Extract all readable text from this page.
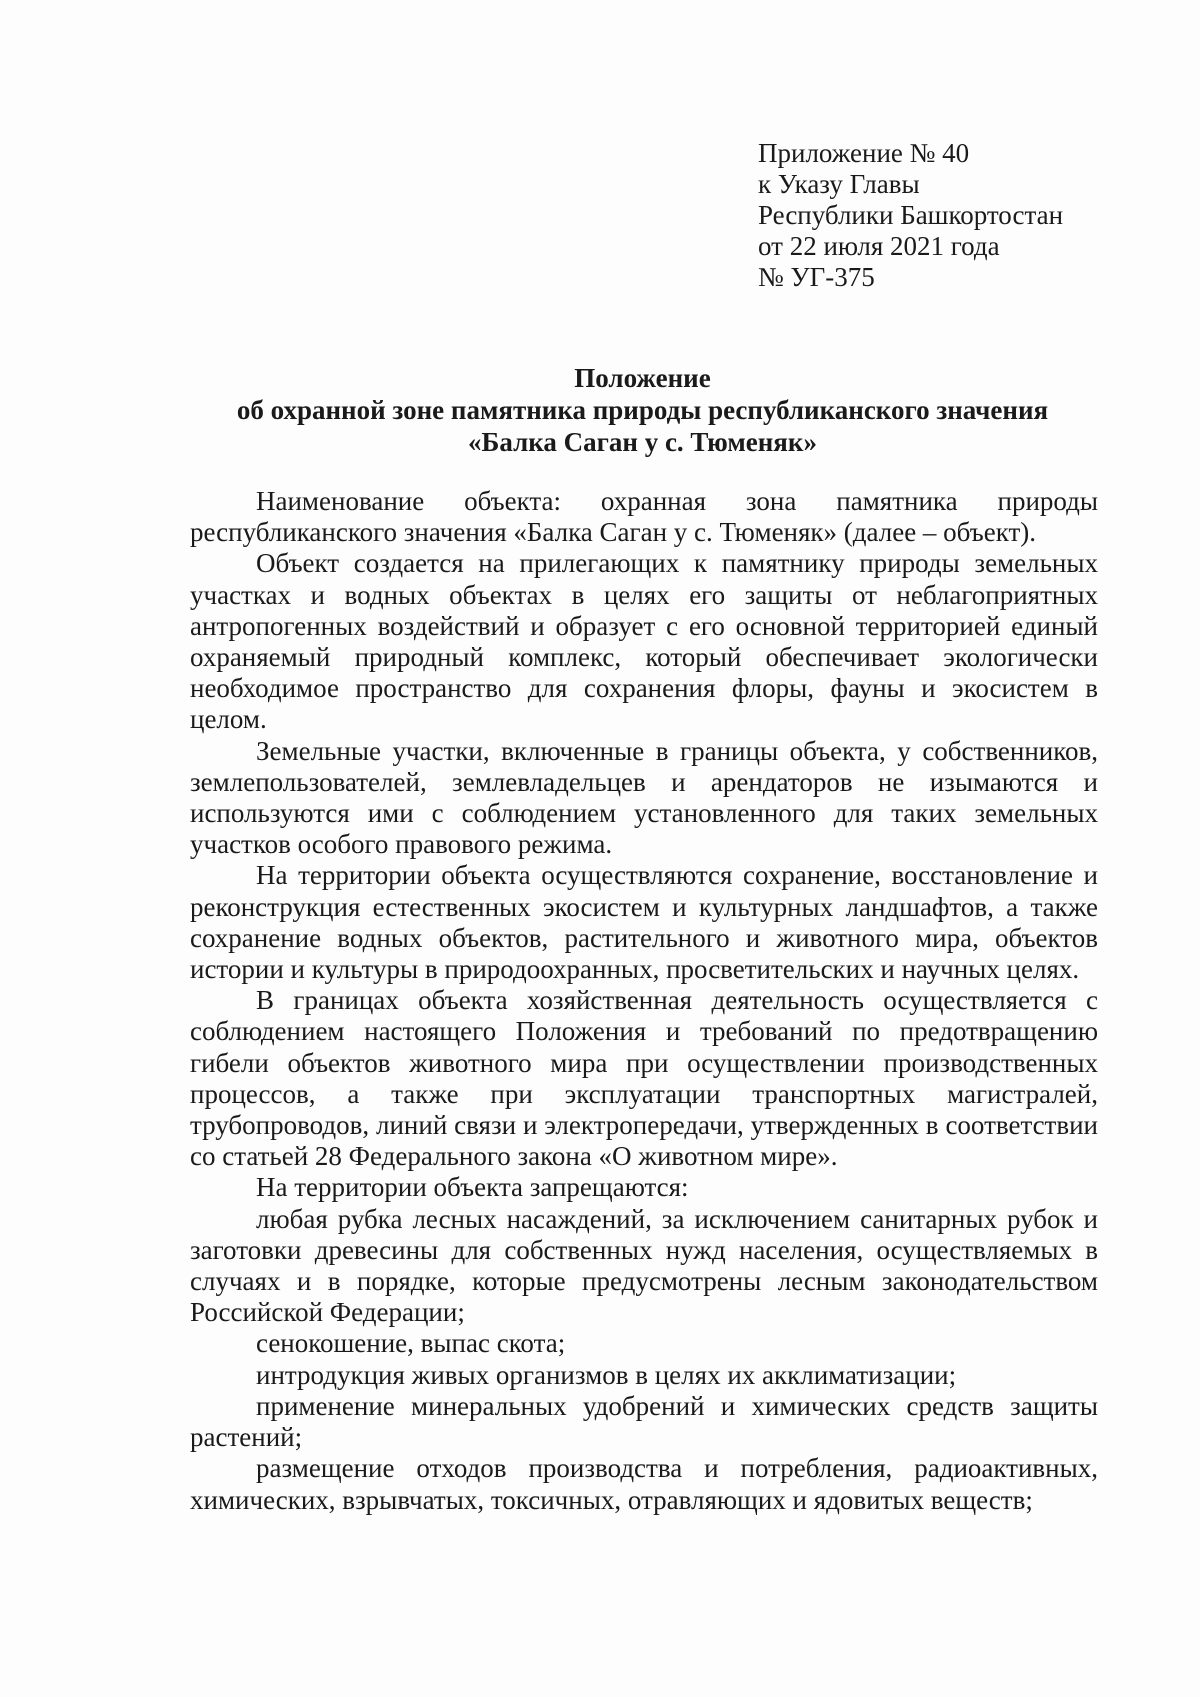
Приложение № 40
к Указу Главы
Республики Башкортостан
от 22 июля 2021 года
№ УГ-375
Положение
об охранной зоне памятника природы республиканского значения
«Балка Саган у с. Тюменяк»

Наименование объекта: охранная зона памятника природы республиканского значения «Балка Саган у с. Тюменяк» (далее – объект).

Объект создается на прилегающих к памятнику природы земельных участках и водных объектах в целях его защиты от неблагоприятных антропогенных воздействий и образует с его основной территорией единый охраняемый природный комплекс, который обеспечивает экологически необходимое пространство для сохранения флоры, фауны и экосистем в целом.

Земельные участки, включенные в границы объекта, у собственников, землепользователей, землевладельцев и арендаторов не изымаются и используются ими с соблюдением установленного для таких земельных участков особого правового режима.

На территории объекта осуществляются сохранение, восстановление и реконструкция естественных экосистем и культурных ландшафтов, а также сохранение водных объектов, растительного и животного мира, объектов истории и культуры в природоохранных, просветительских и научных целях.

В границах объекта хозяйственная деятельность осуществляется с соблюдением настоящего Положения и требований по предотвращению гибели объектов животного мира при осуществлении производственных процессов, а также при эксплуатации транспортных магистралей, трубопроводов, линий связи и электропередачи, утвержденных в соответствии со статьей 28 Федерального закона «О животном мире».

На территории объекта запрещаются:

любая рубка лесных насаждений, за исключением санитарных рубок и заготовки древесины для собственных нужд населения, осуществляемых в случаях и в порядке, которые предусмотрены лесным законодательством Российской Федерации;

сенокошение, выпас скота;

интродукция живых организмов в целях их акклиматизации;

применение минеральных удобрений и химических средств защиты растений;

размещение отходов производства и потребления, радиоактивных, химических, взрывчатых, токсичных, отравляющих и ядовитых веществ;
